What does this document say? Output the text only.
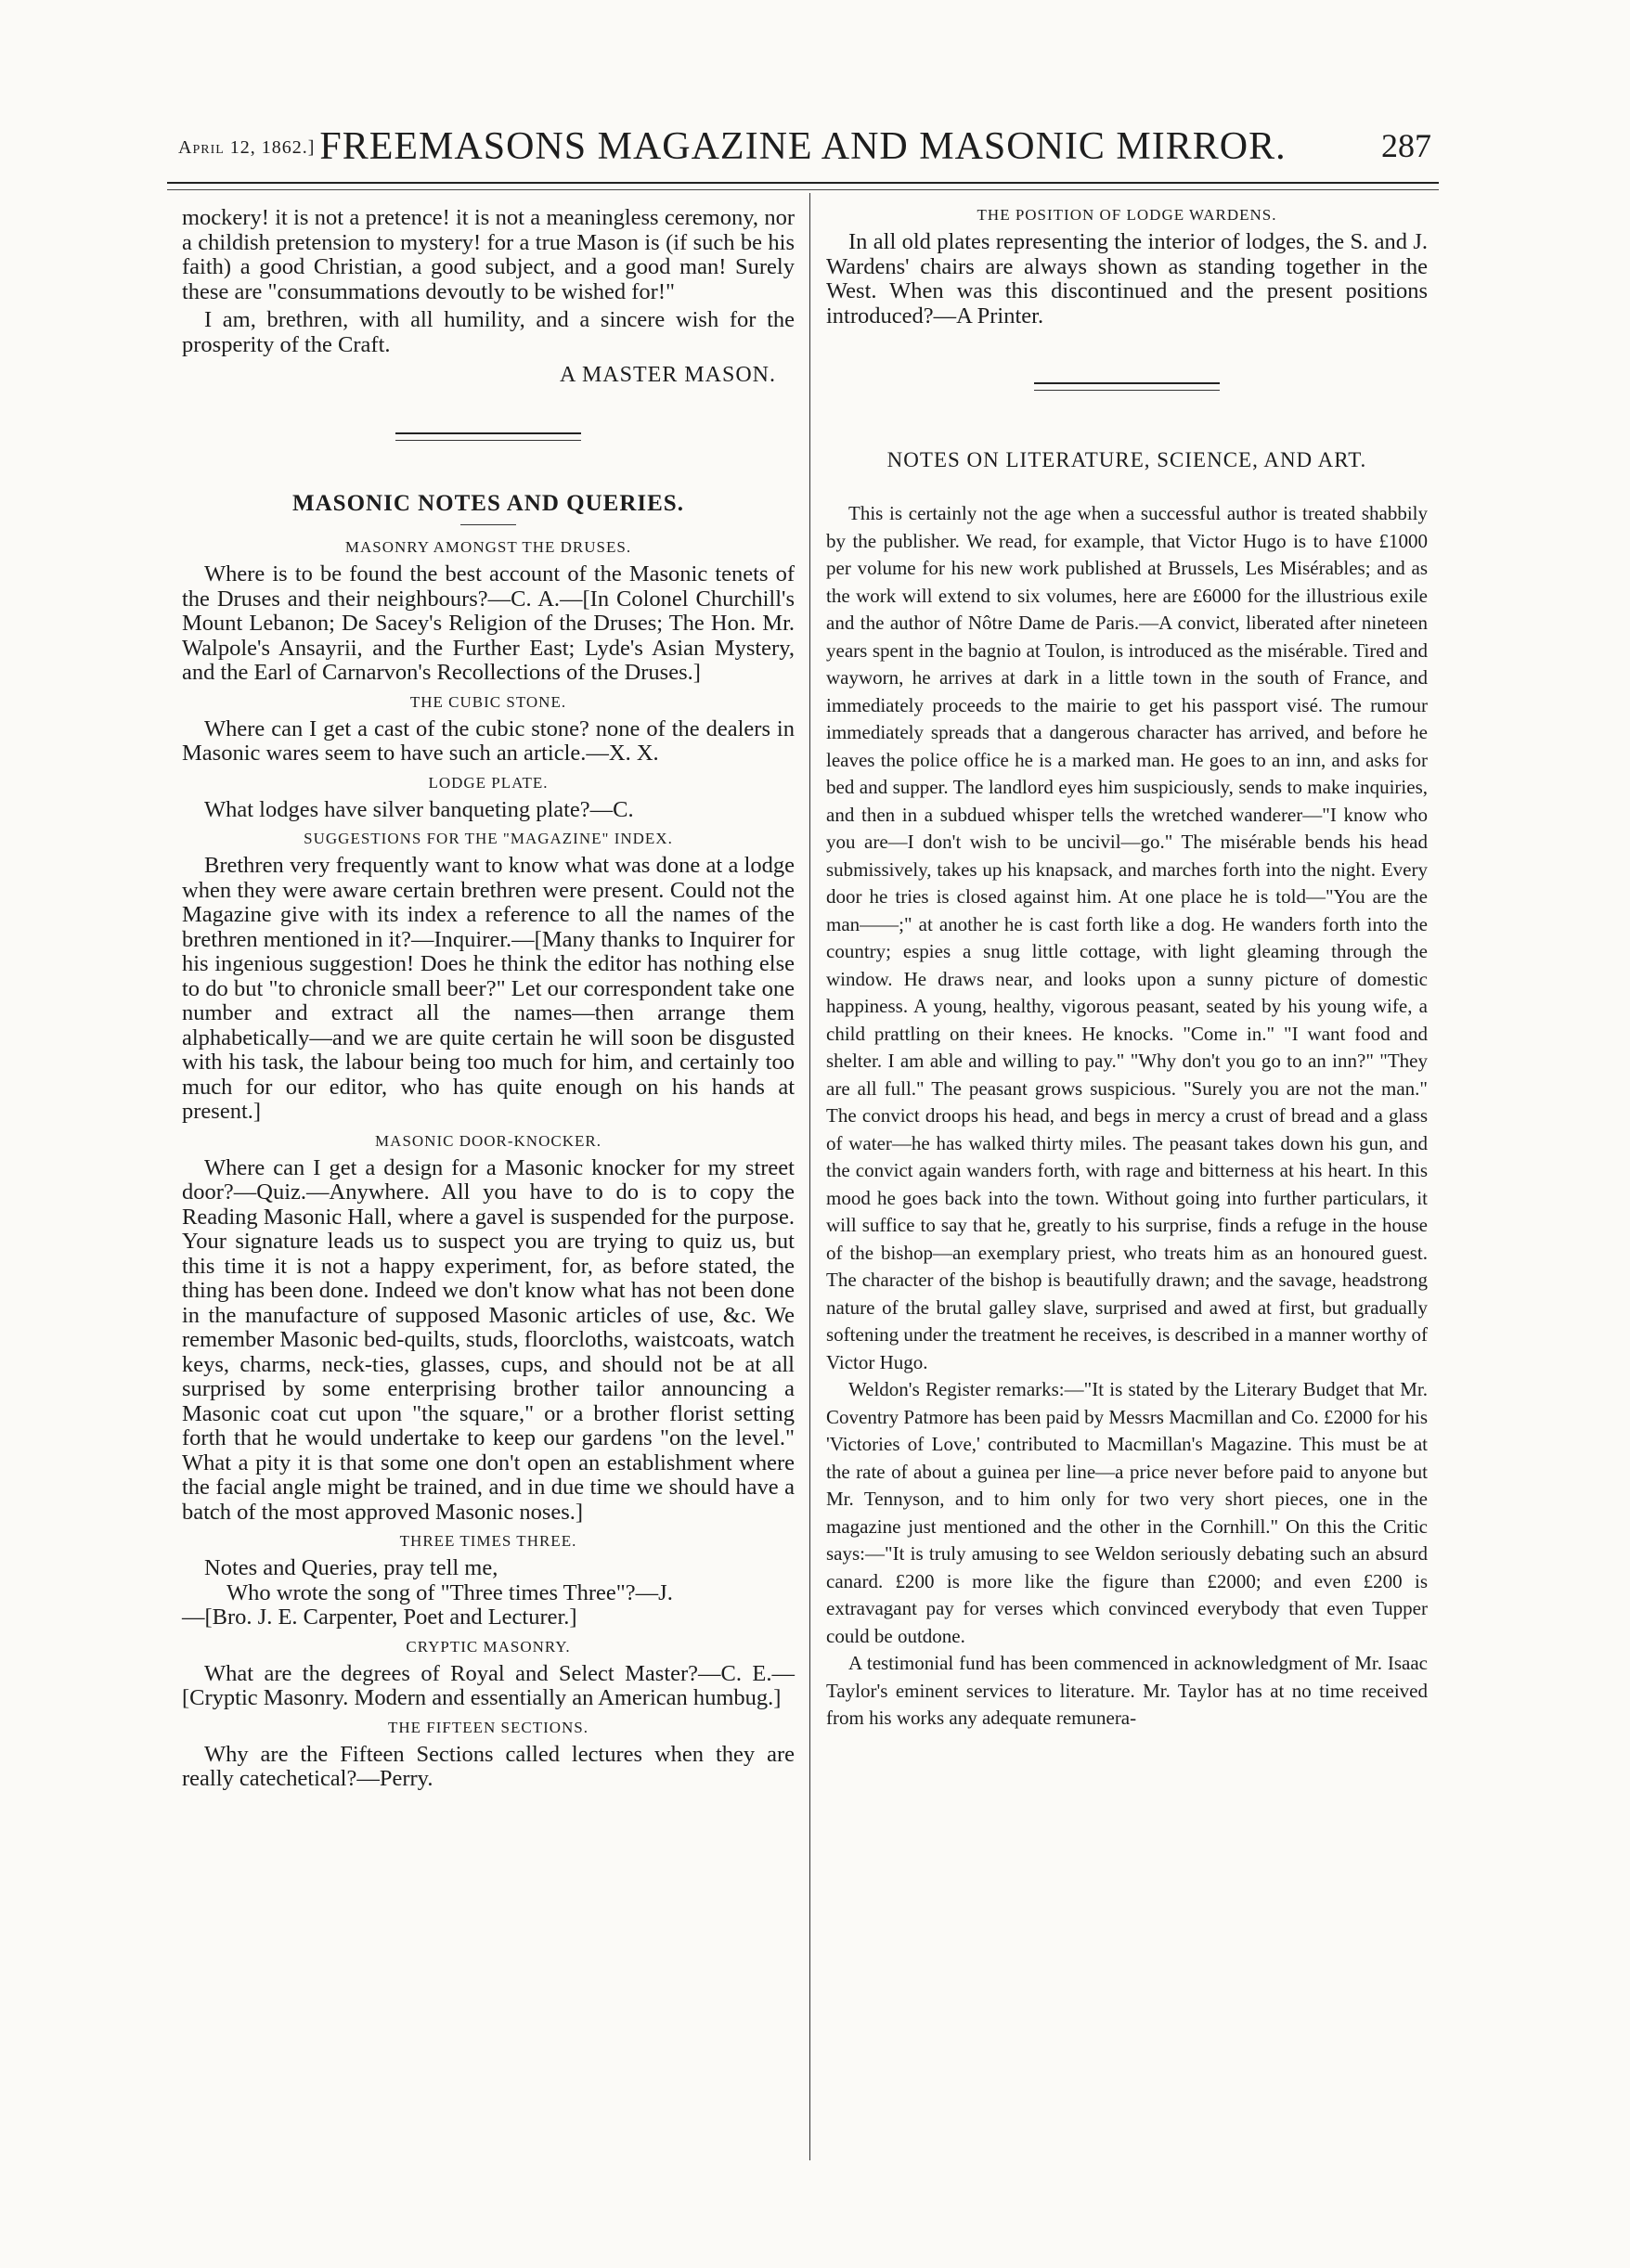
April 12, 1862.] FREEMASONS MAGAZINE AND MASONIC MIRROR.	287

mockery! it is not a pretence! it is not a meaningless ceremony, nor a childish pretension to mystery! for a true Mason is (if such be his faith) a good Christian, a good subject, and a good man! Surely these are "consummations devoutly to be wished for!"

I am, brethren, with all humility, and a sincere wish for the prosperity of the Craft.

A MASTER MASON.
MASONIC NOTES AND QUERIES.
MASONRY AMONGST THE DRUSES.

Where is to be found the best account of the Masonic tenets of the Druses and their neighbours?—C. A.—[In Colonel Churchill's Mount Lebanon; De Sacey's Religion of the Druses; The Hon. Mr. Walpole's Ansayrii, and the Further East; Lyde's Asian Mystery, and the Earl of Carnarvon's Recollections of the Druses.]

THE CUBIC STONE.

Where can I get a cast of the cubic stone? none of the dealers in Masonic wares seem to have such an article.—X. X.

LODGE PLATE.

What lodges have silver banqueting plate?—C.

SUGGESTIONS FOR THE "MAGAZINE" INDEX.

Brethren very frequently want to know what was done at a lodge when they were aware certain brethren were present. Could not the Magazine give with its index a reference to all the names of the brethren mentioned in it?—Inquirer.—[Many thanks to Inquirer for his ingenious suggestion! Does he think the editor has nothing else to do but "to chronicle small beer?" Let our correspondent take one number and extract all the names—then arrange them alphabetically—and we are quite certain he will soon be disgusted with his task, the labour being too much for him, and certainly too much for our editor, who has quite enough on his hands at present.]

MASONIC DOOR-KNOCKER.

Where can I get a design for a Masonic knocker for my street door?—Quiz.—Anywhere. All you have to do is to copy the Reading Masonic Hall, where a gavel is suspended for the purpose. Your signature leads us to suspect you are trying to quiz us, but this time it is not a happy experiment, for, as before stated, the thing has been done. Indeed we don't know what has not been done in the manufacture of supposed Masonic articles of use, &c. We remember Masonic bed-quilts, studs, floorcloths, waistcoats, watch keys, charms, neck-ties, glasses, cups, and should not be at all surprised by some enterprising brother tailor announcing a Masonic coat cut upon "the square," or a brother florist setting forth that he would undertake to keep our gardens "on the level." What a pity it is that some one don't open an establishment where the facial angle might be trained, and in due time we should have a batch of the most approved Masonic noses.]

THREE TIMES THREE.
Notes and Queries, pray tell me,
Who wrote the song of "Three times Three"?—J.
—[Bro. J. E. Carpenter, Poet and Lecturer.]
CRYPTIC MASONRY.

What are the degrees of Royal and Select Master?—C. E.—[Cryptic Masonry. Modern and essentially an American humbug.]

THE FIFTEEN SECTIONS.

Why are the Fifteen Sections called lectures when they are really catechetical?—Perry.

THE POSITION OF LODGE WARDENS.

In all old plates representing the interior of lodges, the S. and J. Wardens' chairs are always shown as standing together in the West. When was this discontinued and the present positions introduced?—A Printer.

NOTES ON LITERATURE, SCIENCE, AND ART.

This is certainly not the age when a successful author is treated shabbily by the publisher. We read, for example, that Victor Hugo is to have £1000 per volume for his new work published at Brussels, Les Misérables; and as the work will extend to six volumes, here are £6000 for the illustrious exile and the author of Nôtre Dame de Paris.—A convict, liberated after nineteen years spent in the bagnio at Toulon, is introduced as the misérable. Tired and wayworn, he arrives at dark in a little town in the south of France, and immediately proceeds to the mairie to get his passport visé. The rumour immediately spreads that a dangerous character has arrived, and before he leaves the police office he is a marked man. He goes to an inn, and asks for bed and supper. The landlord eyes him suspiciously, sends to make inquiries, and then in a subdued whisper tells the wretched wanderer—"I know who you are—I don't wish to be uncivil—go." The misérable bends his head submissively, takes up his knapsack, and marches forth into the night. Every door he tries is closed against him. At one place he is told—"You are the man——;" at another he is cast forth like a dog. He wanders forth into the country; espies a snug little cottage, with light gleaming through the window. He draws near, and looks upon a sunny picture of domestic happiness. A young, healthy, vigorous peasant, seated by his young wife, a child prattling on their knees. He knocks. "Come in." "I want food and shelter. I am able and willing to pay." "Why don't you go to an inn?" "They are all full." The peasant grows suspicious. "Surely you are not the man." The convict droops his head, and begs in mercy a crust of bread and a glass of water—he has walked thirty miles. The peasant takes down his gun, and the convict again wanders forth, with rage and bitterness at his heart. In this mood he goes back into the town. Without going into further particulars, it will suffice to say that he, greatly to his surprise, finds a refuge in the house of the bishop—an exemplary priest, who treats him as an honoured guest. The character of the bishop is beautifully drawn; and the savage, headstrong nature of the brutal galley slave, surprised and awed at first, but gradually softening under the treatment he receives, is described in a manner worthy of Victor Hugo.

Weldon's Register remarks:—"It is stated by the Literary Budget that Mr. Coventry Patmore has been paid by Messrs Macmillan and Co. £2000 for his 'Victories of Love,' contributed to Macmillan's Magazine. This must be at the rate of about a guinea per line—a price never before paid to anyone but Mr. Tennyson, and to him only for two very short pieces, one in the magazine just mentioned and the other in the Cornhill." On this the Critic says:—"It is truly amusing to see Weldon seriously debating such an absurd canard. £200 is more like the figure than £2000; and even £200 is extravagant pay for verses which convinced everybody that even Tupper could be outdone.

A testimonial fund has been commenced in acknowledgment of Mr. Isaac Taylor's eminent services to literature. Mr. Taylor has at no time received from his works any adequate remunera-
